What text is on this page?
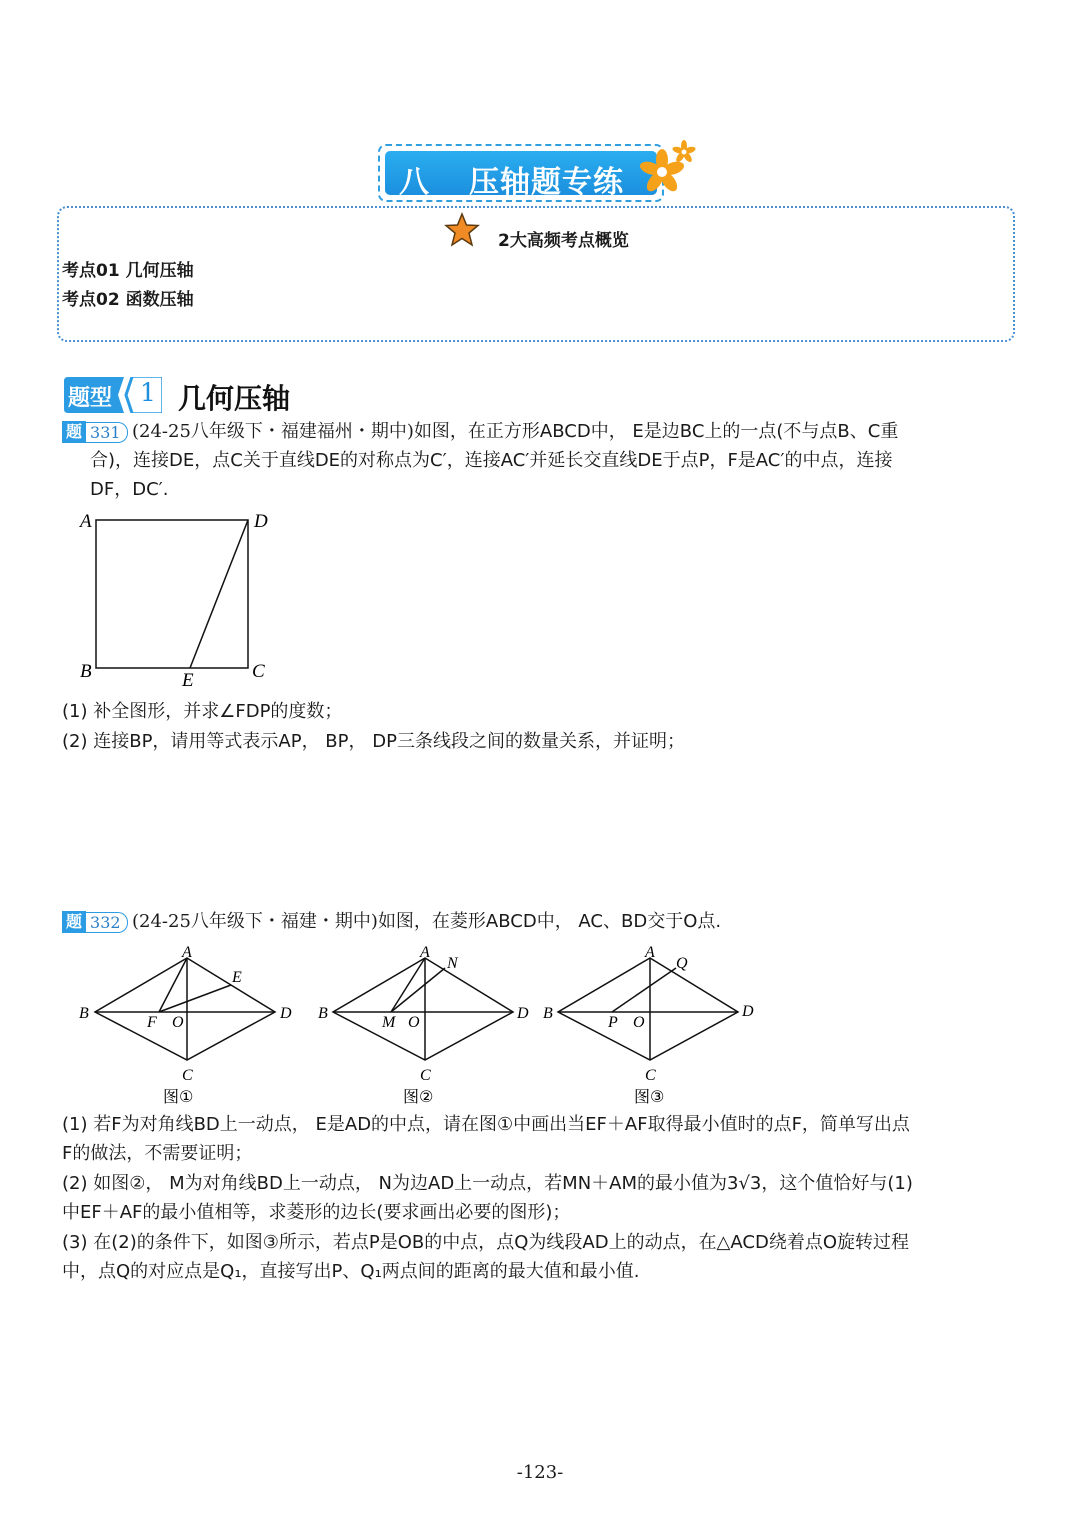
八 压轴题专练
2大高频考点概览
考点01 几何压轴
考点02 函数压轴
题型 1 几何压轴
题 331 (24-25八年级下・福建福州・期中)如图，在正方形ABCD中， E是边BC上的一点(不与点B、C重
合)，连接DE，点C关于直线DE的对称点为C′，连接AC′并延长交直线DE于点P，F是AC′的中点，连接
DF，DC′.
A	D
B	C
E
(1) 补全图形，并求∠FDP的度数；
(2) 连接BP，请用等式表示AP， BP， DP三条线段之间的数量关系，并证明；
题 332 (24-25八年级下・福建・期中)如图，在菱形ABCD中， AC、BD交于O点.
A
B
C
D
O
E
F
图①
A
B
C
D
O
N
M
图②
A
B
C
D
O
Q
P
图③
(1) 若F为对角线BD上一动点， E是AD的中点，请在图①中画出当EF＋AF取得最小值时的点F，简单写出点
F的做法，不需要证明；
(2) 如图②， M为对角线BD上一动点， N为边AD上一动点，若MN＋AM的最小值为3√3，这个值恰好与(1)
中EF＋AF的最小值相等，求菱形的边长(要求画出必要的图形)；
(3) 在(2)的条件下，如图③所示，若点P是OB的中点，点Q为线段AD上的动点，在△ACD绕着点O旋转过程
中，点Q的对应点是Q₁，直接写出P、Q₁两点间的距离的最大值和最小值.
-123-
